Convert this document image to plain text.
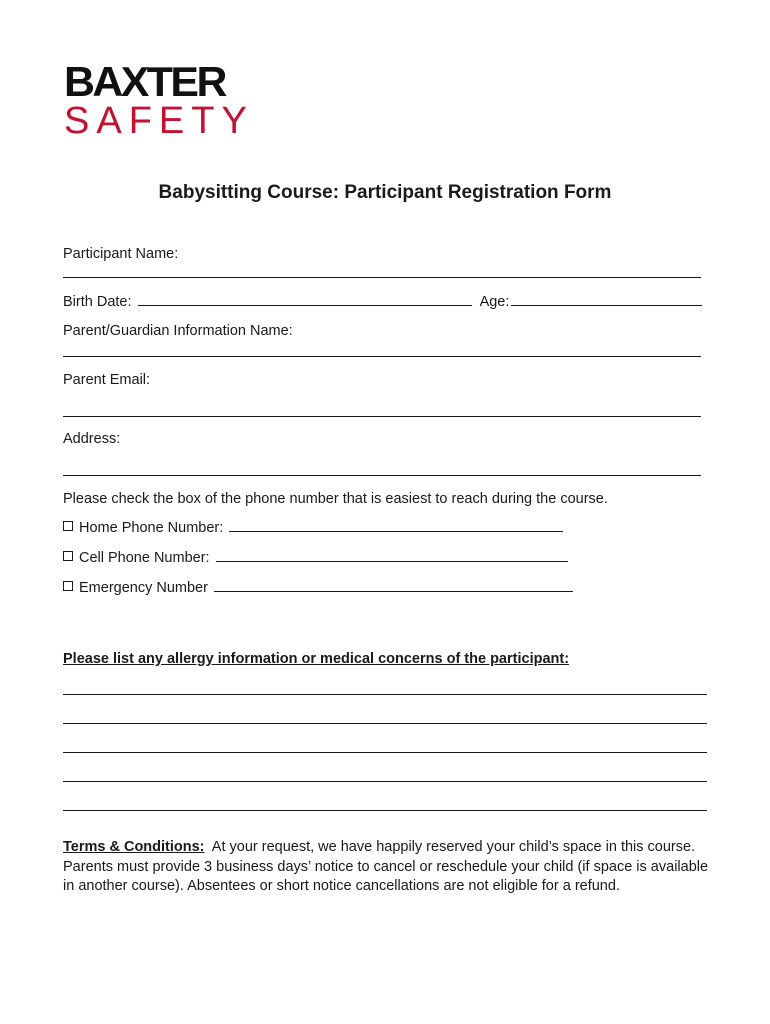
BAXTER
SAFETY
Babysitting Course: Participant Registration Form
Participant Name:
Birth Date:	Age:
Parent/Guardian Information Name:
Parent Email:
Address:
Please check the box of the phone number that is easiest to reach during the course.
Home Phone Number:
Cell Phone Number:
Emergency Number
Please list any allergy information or medical concerns of the participant:
Terms & Conditions: At your request, we have happily reserved your child’s space in this course. Parents must provide 3 business days’ notice to cancel or reschedule your child (if space is available in another course). Absentees or short notice cancellations are not eligible for a refund.
